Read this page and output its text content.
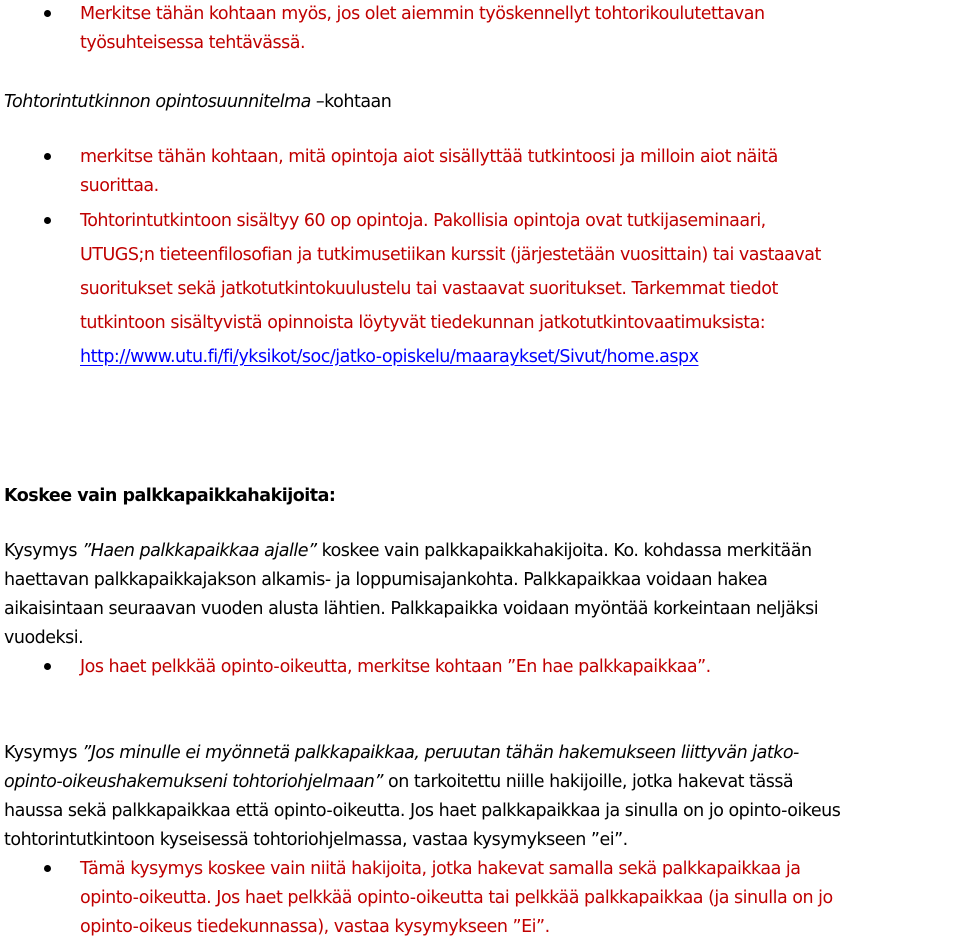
Merkitse tähän kohtaan myös, jos olet aiemmin työskennellyt tohtorikoulutettavan
työsuhteisessa tehtävässä.
Tohtorintutkinnon opintosuunnitelma –kohtaan
merkitse tähän kohtaan, mitä opintoja aiot sisällyttää tutkintoosi ja milloin aiot näitä
suorittaa.
Tohtorintutkintoon sisältyy 60 op opintoja. Pakollisia opintoja ovat tutkijaseminaari,
UTUGS;n tieteenfilosofian ja tutkimusetiikan kurssit (järjestetään vuosittain) tai vastaavat
suoritukset sekä jatkotutkintokuulustelu tai vastaavat suoritukset. Tarkemmat tiedot
tutkintoon sisältyvistä opinnoista löytyvät tiedekunnan jatkotutkintovaatimuksista:
http://www.utu.fi/fi/yksikot/soc/jatko-opiskelu/maaraykset/Sivut/home.aspx
Koskee vain palkkapaikkahakijoita:
Kysymys ”Haen palkkapaikkaa ajalle” koskee vain palkkapaikkahakijoita. Ko. kohdassa merkitään
haettavan palkkapaikkajakson alkamis- ja loppumisajankohta. Palkkapaikkaa voidaan hakea
aikaisintaan seuraavan vuoden alusta lähtien. Palkkapaikka voidaan myöntää korkeintaan neljäksi
vuodeksi.
Jos haet pelkkää opinto-oikeutta, merkitse kohtaan ”En hae palkkapaikkaa”.
Kysymys ”Jos minulle ei myönnetä palkkapaikkaa, peruutan tähän hakemukseen liittyvän jatko-
opinto-oikeushakemukseni tohtoriohjelmaan” on tarkoitettu niille hakijoille, jotka hakevat tässä
haussa sekä palkkapaikkaa että opinto-oikeutta. Jos haet palkkapaikkaa ja sinulla on jo opinto-oikeus
tohtorintutkintoon kyseisessä tohtoriohjelmassa, vastaa kysymykseen ”ei”.
Tämä kysymys koskee vain niitä hakijoita, jotka hakevat samalla sekä palkkapaikkaa ja
opinto-oikeutta. Jos haet pelkkää opinto-oikeutta tai pelkkää palkkapaikkaa (ja sinulla on jo
opinto-oikeus tiedekunnassa), vastaa kysymykseen ”Ei”.
